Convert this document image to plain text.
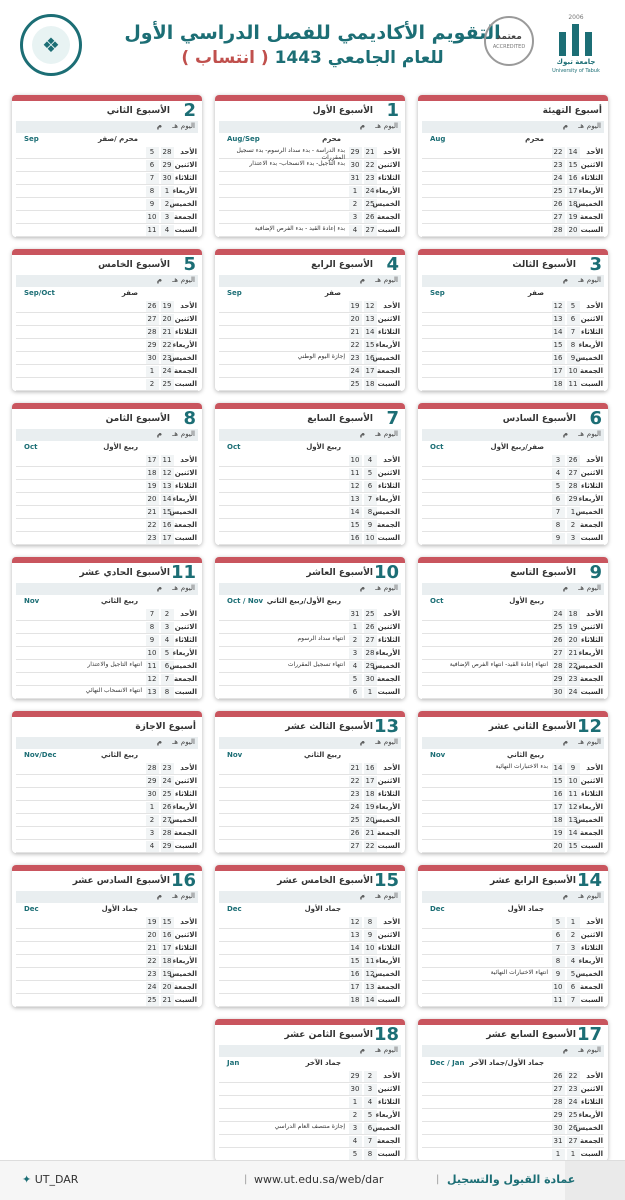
❖	التقويم الأكاديمي للفصل الدراسي الأول
للعام الجامعي 1443 ( انتساب )
معتمد
ACCREDITED
2006
جامعة تبوك
University of Tabuk
أسبوع التهيئة
اليوم
هـ
م
محرم
Aug
الأحد
14
22
الاثنين
15
23
الثلاثاء
16
24
الأربعاء
17
25
الخميس
18
26
الجمعة
19
27
السبت
20
28
1
الأسبوع الأول
اليوم
هـ
م
محرم
Aug/Sep
الأحد
21
29
بدء الدراسة - بدء سداد الرسوم- بدء تسجيل المقررات
الاثنين
22
30
بدء التأجيل- بدء الانسحاب- بدء الاعتذار
الثلاثاء
23
31
الأربعاء
24
1
الخميس
25
2
الجمعة
26
3
السبت
27
4
بدء إعادة القيد - بدء الفرص الإضافية
2
الأسبوع الثاني
اليوم
هـ
م
محرم /صفر
Sep
الأحد
28
5
الاثنين
29
6
الثلاثاء
30
7
الأربعاء
1
8
الخميس
2
9
الجمعة
3
10
السبت
4
11
3
الأسبوع الثالث
اليوم
هـ
م
صفر
Sep
الأحد
5
12
الاثنين
6
13
الثلاثاء
7
14
الأربعاء
8
15
الخميس
9
16
الجمعة
10
17
السبت
11
18
4
الأسبوع الرابع
اليوم
هـ
م
صفر
Sep
الأحد
12
19
الاثنين
13
20
الثلاثاء
14
21
الأربعاء
15
22
الخميس
16
23
إجازة اليوم الوطني
الجمعة
17
24
السبت
18
25
5
الأسبوع الخامس
اليوم
هـ
م
صفر
Sep/Oct
الأحد
19
26
الاثنين
20
27
الثلاثاء
21
28
الأربعاء
22
29
الخميس
23
30
الجمعة
24
1
السبت
25
2
6
الأسبوع السادس
اليوم
هـ
م
صفر/ربيع الأول
Oct
الأحد
26
3
الاثنين
27
4
الثلاثاء
28
5
الأربعاء
29
6
الخميس
1
7
الجمعة
2
8
السبت
3
9
7
الأسبوع السابع
اليوم
هـ
م
ربيع الأول
Oct
الأحد
4
10
الاثنين
5
11
الثلاثاء
6
12
الأربعاء
7
13
الخميس
8
14
الجمعة
9
15
السبت
10
16
8
الأسبوع الثامن
اليوم
هـ
م
ربيع الأول
Oct
الأحد
11
17
الاثنين
12
18
الثلاثاء
13
19
الأربعاء
14
20
الخميس
15
21
الجمعة
16
22
السبت
17
23
9
الأسبوع التاسع
اليوم
هـ
م
ربيع الأول
Oct
الأحد
18
24
الاثنين
19
25
الثلاثاء
20
26
الأربعاء
21
27
الخميس
22
28
انتهاء إعادة القيد- انتهاء الفرص الإضافية
الجمعة
23
29
السبت
24
30
10
الأسبوع العاشر
اليوم
هـ
م
ربيع الأول/ربيع الثاني
Oct / Nov
الأحد
25
31
الاثنين
26
1
الثلاثاء
27
2
انتهاء سداد الرسوم
الأربعاء
28
3
الخميس
29
4
انتهاء تسجيل المقررات
الجمعة
30
5
السبت
1
6
11
الأسبوع الحادي عشر
اليوم
هـ
م
ربيع الثاني
Nov
الأحد
2
7
الاثنين
3
8
الثلاثاء
4
9
الأربعاء
5
10
الخميس
6
11
انتهاء التأجيل والاعتذار
الجمعة
7
12
السبت
8
13
انتهاء الانسحاب النهائي
12
الأسبوع الثاني عشر
اليوم
هـ
م
ربيع الثاني
Nov
الأحد
9
14
بدء الاختبارات النهائية
الاثنين
10
15
الثلاثاء
11
16
الأربعاء
12
17
الخميس
13
18
الجمعة
14
19
السبت
15
20
13
الأسبوع الثالث عشر
اليوم
هـ
م
ربيع الثاني
Nov
الأحد
16
21
الاثنين
17
22
الثلاثاء
18
23
الأربعاء
19
24
الخميس
20
25
الجمعة
21
26
السبت
22
27
أسبوع الاجازة
اليوم
هـ
م
ربيع الثاني
Nov/Dec
الأحد
23
28
الاثنين
24
29
الثلاثاء
25
30
الأربعاء
26
1
الخميس
27
2
الجمعة
28
3
السبت
29
4
14
الأسبوع الرابع عشر
اليوم
هـ
م
جماد الأول
Dec
الأحد
1
5
الاثنين
2
6
الثلاثاء
3
7
الأربعاء
4
8
الخميس
5
9
انتهاء الاختبارات النهائية
الجمعة
6
10
السبت
7
11
15
الأسبوع الخامس عشر
اليوم
هـ
م
جماد الأول
Dec
الأحد
8
12
الاثنين
9
13
الثلاثاء
10
14
الأربعاء
11
15
الخميس
12
16
الجمعة
13
17
السبت
14
18
16
الأسبوع السادس عشر
اليوم
هـ
م
جماد الأول
Dec
الأحد
15
19
الاثنين
16
20
الثلاثاء
17
21
الأربعاء
18
22
الخميس
19
23
الجمعة
20
24
السبت
21
25
17
الأسبوع السابع عشر
اليوم
هـ
م
جماد الأول/جماد الآخر
Dec / Jan
الأحد
22
26
الاثنين
23
27
الثلاثاء
24
28
الأربعاء
25
29
الخميس
26
30
الجمعة
27
31
السبت
1
1
18
الأسبوع الثامن عشر
اليوم
هـ
م
جماد الآخر
Jan
الأحد
2
29
الاثنين
3
30
الثلاثاء
4
1
الأربعاء
5
2
الخميس
6
3
إجازة منتصف العام الدراسي
الجمعة
7
4
السبت
8
5
عمادة القبول والتسجيل
|
www.ut.edu.sa/web/dar
|
✦ UT_DAR
